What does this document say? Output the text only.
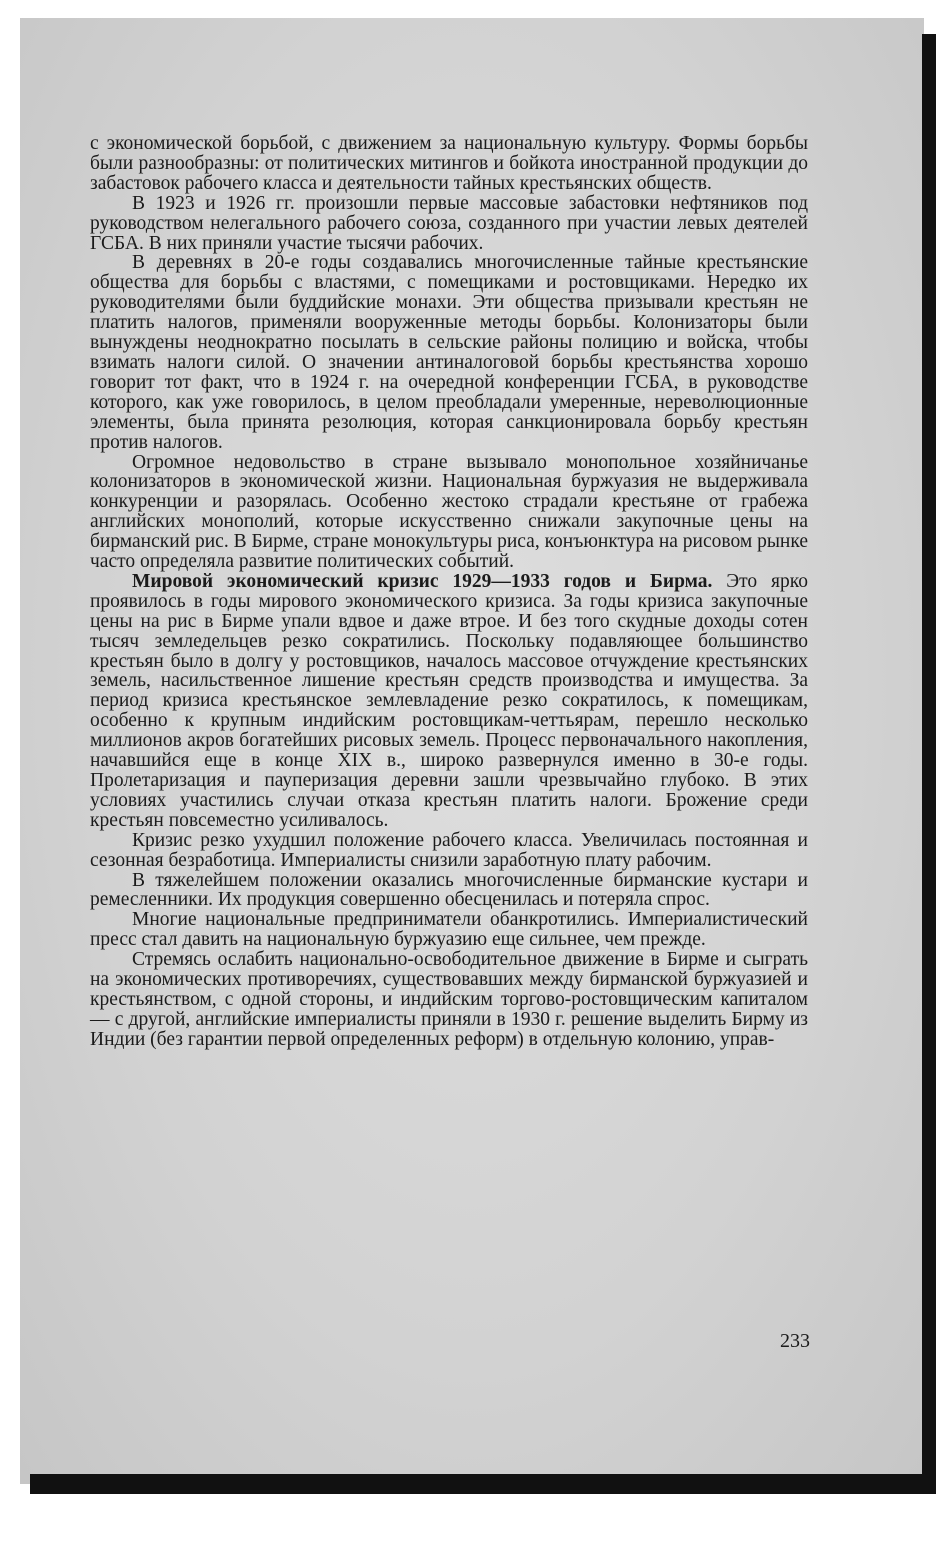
с экономической борьбой, с движением за национальную культуру. Формы борьбы были разнообразны: от политических митингов и бойкота иностранной продукции до забастовок рабочего класса и деятельности тайных крестьянских обществ.

В 1923 и 1926 гг. произошли первые массовые забастовки нефтяников под руководством нелегального рабочего союза, созданного при участии левых деятелей ГСБА. В них приняли участие тысячи рабочих.

В деревнях в 20-е годы создавались многочисленные тайные крестьянские общества для борьбы с властями, с помещиками и ростовщиками. Нередко их руководителями были буддийские монахи. Эти общества призывали крестьян не платить налогов, применяли вооруженные методы борьбы. Колонизаторы были вынуждены неоднократно посылать в сельские районы полицию и войска, чтобы взимать налоги силой. О значении антиналоговой борьбы крестьянства хорошо говорит тот факт, что в 1924 г. на очередной конференции ГСБА, в руководстве которого, как уже говорилось, в целом преобладали умеренные, нереволюционные элементы, была принята резолюция, которая санкционировала борьбу крестьян против налогов.

Огромное недовольство в стране вызывало монопольное хозяйничанье колонизаторов в экономической жизни. Национальная буржуазия не выдерживала конкуренции и разорялась. Особенно жестоко страдали крестьяне от грабежа английских монополий, которые искусственно снижали закупочные цены на бирманский рис. В Бирме, стране монокультуры риса, конъюнктура на рисовом рынке часто определяла развитие политических событий.

Мировой экономический кризис 1929—1933 годов и Бирма. Это ярко проявилось в годы мирового экономического кризиса. За годы кризиса закупочные цены на рис в Бирме упали вдвое и даже втрое. И без того скудные доходы сотен тысяч земледельцев резко сократились. Поскольку подавляющее большинство крестьян было в долгу у ростовщиков, началось массовое отчуждение крестьянских земель, насильственное лишение крестьян средств производства и имущества. За период кризиса крестьянское землевладение резко сократилось, к помещикам, особенно к крупным индийским ростовщикам-четтьярам, перешло несколько миллионов акров богатейших рисовых земель. Процесс первоначального накопления, начавшийся еще в конце XIX в., широко развернулся именно в 30-е годы. Пролетаризация и пауперизация деревни зашли чрезвычайно глубоко. В этих условиях участились случаи отказа крестьян платить налоги. Брожение среди крестьян повсеместно усиливалось.

Кризис резко ухудшил положение рабочего класса. Увеличилась постоянная и сезонная безработица. Империалисты снизили заработную плату рабочим.

В тяжелейшем положении оказались многочисленные бирманские кустари и ремесленники. Их продукция совершенно обесценилась и потеряла спрос.

Многие национальные предприниматели обанкротились. Империалистический пресс стал давить на национальную буржуазию еще сильнее, чем прежде.

Стремясь ослабить национально-освободительное движение в Бирме и сыграть на экономических противоречиях, существовавших между бирманской буржуазией и крестьянством, с одной стороны, и индийским торгово-ростовщическим капиталом — с другой, английские империалисты приняли в 1930 г. решение выделить Бирму из Индии (без гарантии первой определенных реформ) в отдельную колонию, управ-

233
